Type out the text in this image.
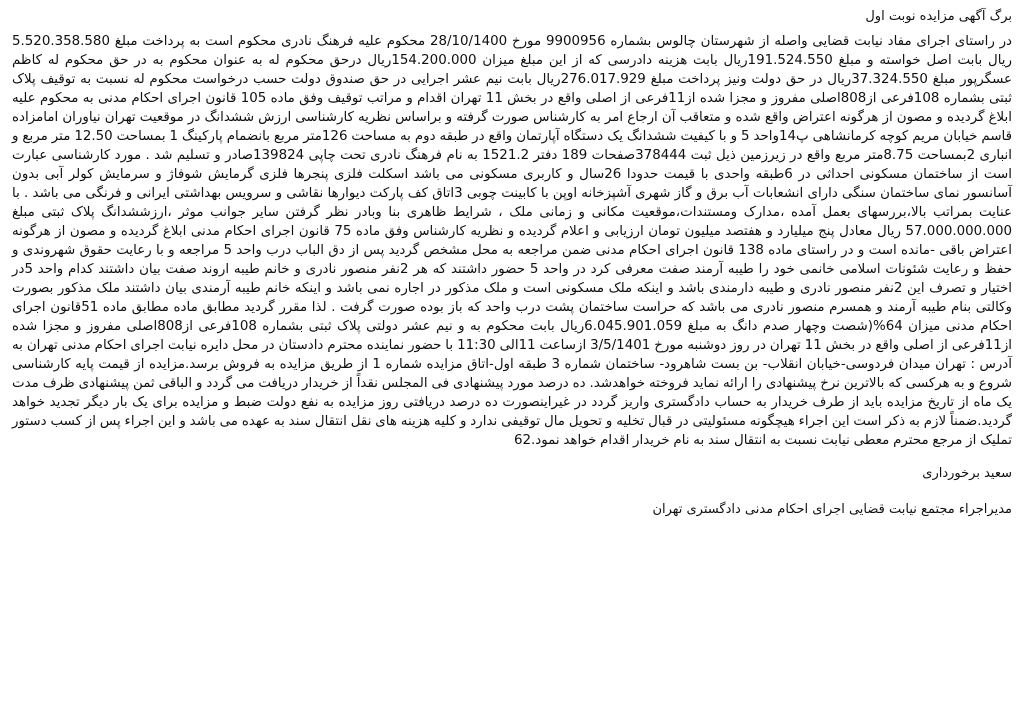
برگ آگهی مزایده نوبت اول

در راستای اجرای مفاد نیابت قضایی واصله از شهرستان چالوس بشماره 9900956 مورخ 28/10/1400 محکوم علیه فرهنگ نادری محکوم است به پرداخت مبلغ 5.520.358.580 ریال بابت اصل خواسته و مبلغ 191.524.550ریال بابت هزینه دادرسی که از این مبلغ میزان 154.200.000ریال درحق محکوم له به عنوان محکوم به در حق محکوم له کاظم عسگرپور مبلغ 37.324.550ریال در حق دولت ونیز پرداخت مبلغ 276.017.929ریال بابت نیم عشر اجرایی در حق صندوق دولت حسب درخواست محکوم له نسبت به توقیف پلاک ثبتی بشماره 108فرعی از808اصلی مفروز و مجزا شده از11فرعی از اصلی واقع در بخش 11 تهران اقدام و مراتب توقیف وفق ماده 105 قانون اجرای احکام مدنی به محکوم علیه ابلاغ گردیده و مصون از هرگونه اعتراض واقع شده و متعاقب آن ارجاع امر به کارشناس صورت گرفته و براساس نظریه کارشناسی ارزش ششدانگ در موقعیت تهران نیاوران امامزاده قاسم خیابان مریم کوچه کرمانشاهی پ14واحد 5 و با کیفیت ششدانگ یک دستگاه آپارتمان واقع در طبقه دوم به مساحت 126متر مربع بانضمام پارکینگ 1 بمساحت 12.50 متر مربع و انباری 2بمساحت 8.75متر مربع واقع در زیرزمین ذیل ثبت 378444صفحات 189 دفتر 1521.2 به نام فرهنگ نادری تحت چاپی 139824صادر و تسلیم شد . مورد کارشناسی عبارت است از ساختمان مسکونی احداثی در 6طبقه واحدی با قیمت حدودا 26سال و کاربری مسکونی می باشد اسکلت فلزی پنجرها فلزی گرمایش شوفاژ و سرمایش کولر آبی بدون آسانسور نمای ساختمان سنگی دارای انشعابات آب برق و گاز شهری آشپزخانه اوپن با کابینت چوبی 3اتاق کف پارکت دیوارها نقاشی و سرویس بهداشتی ایرانی و فرنگی می باشد . با عنایت بمراتب بالا،بررسهای بعمل آمده ،مدارک ومستندات،موقعیت مکانی و زمانی ملک ، شرایط ظاهری بنا وبادر نظر گرفتن سایر جوانب موثر ،ارزششدانگ پلاک ثبتی مبلغ 57.000.000.000 ریال معادل پنج میلیارد و هفتصد میلیون تومان ارزیابی و اعلام گردیده و نظریه کارشناس وفق ماده 75 قانون اجرای احکام مدنی ابلاغ گردیده و مصون از هرگونه اعتراض باقی -مانده است و در راستای ماده 138 قانون اجرای احکام مدنی ضمن مراجعه به محل مشخص گردید پس از دق الباب درب واحد 5 مراجعه و با رعایت حقوق شهروندی و حفظ و رعایت شئونات اسلامی خانمی خود را طیبه آرمند صفت معرفی کرد در واحد 5 حضور داشتند که هر 2نفر منصور نادری و خانم طیبه اروند صفت بیان داشتند کدام واحد 5در اختیار و تصرف این 2نفر منصور نادری و طیبه دارمندی باشد و اینکه ملک مسکونی است و ملک مذکور در اجاره نمی باشد و اینکه خانم طیبه آرمندی بیان داشتند ملک مذکور بصورت وکالتی بنام طیبه آرمند و همسرم منصور نادری می باشد که حراست ساختمان پشت درب واحد که باز بوده صورت گرفت . لذا مقرر گردید مطابق ماده مطابق ماده 51قانون اجرای احکام مدنی میزان 64%(شصت وچهار صدم دانگ به مبلغ 6.045.901.059ریال بابت محکوم به و نیم عشر دولتی پلاک ثبتی بشماره 108فرعی از808اصلی مفروز و مجزا شده از11فرعی از اصلی واقع در بخش 11 تهران در روز دوشنبه مورخ 3/5/1401 ازساعت 11الی 11:30 با حضور نماینده محترم دادستان در محل دایره نیابت اجرای احکام مدنی تهران به آدرس : تهران میدان فردوسی-خیابان انقلاب- بن بست شاهرود- ساختمان شماره 3 طبقه اول-اتاق مزایده شماره 1 از طریق مزایده به فروش برسد.مزایده از قیمت پایه کارشناسی شروع و به هرکسی که بالاترین نرخ پیشنهادی را ارائه نماید فروخته خواهدشد. ده درصد مورد پیشنهادی فی المجلس نقداً از خریدار دریافت می گردد و الباقی ثمن پیشنهادی ظرف مدت یک ماه از تاریخ مزایده باید از طرف خریدار به حساب دادگستری واریز گردد در غیراینصورت ده درصد دریافتی روز مزایده به نفع دولت ضبط و مزایده برای یک بار دیگر تجدید خواهد گردید.ضمناً لازم به ذکر است این اجراء هیچگونه مسئولیتی در قبال تخلیه و تحویل مال توقیفی ندارد و کلیه هزینه های نقل انتقال سند به عهده می باشد و این اجراء پس از کسب دستور تملیک از مرجع محترم معطی نیابت نسبت به انتقال سند به نام خریدار اقدام خواهد نمود.62

سعید برخورداری
مدیراجراء مجتمع نیابت قضایی اجرای احکام مدنی دادگستری تهران
